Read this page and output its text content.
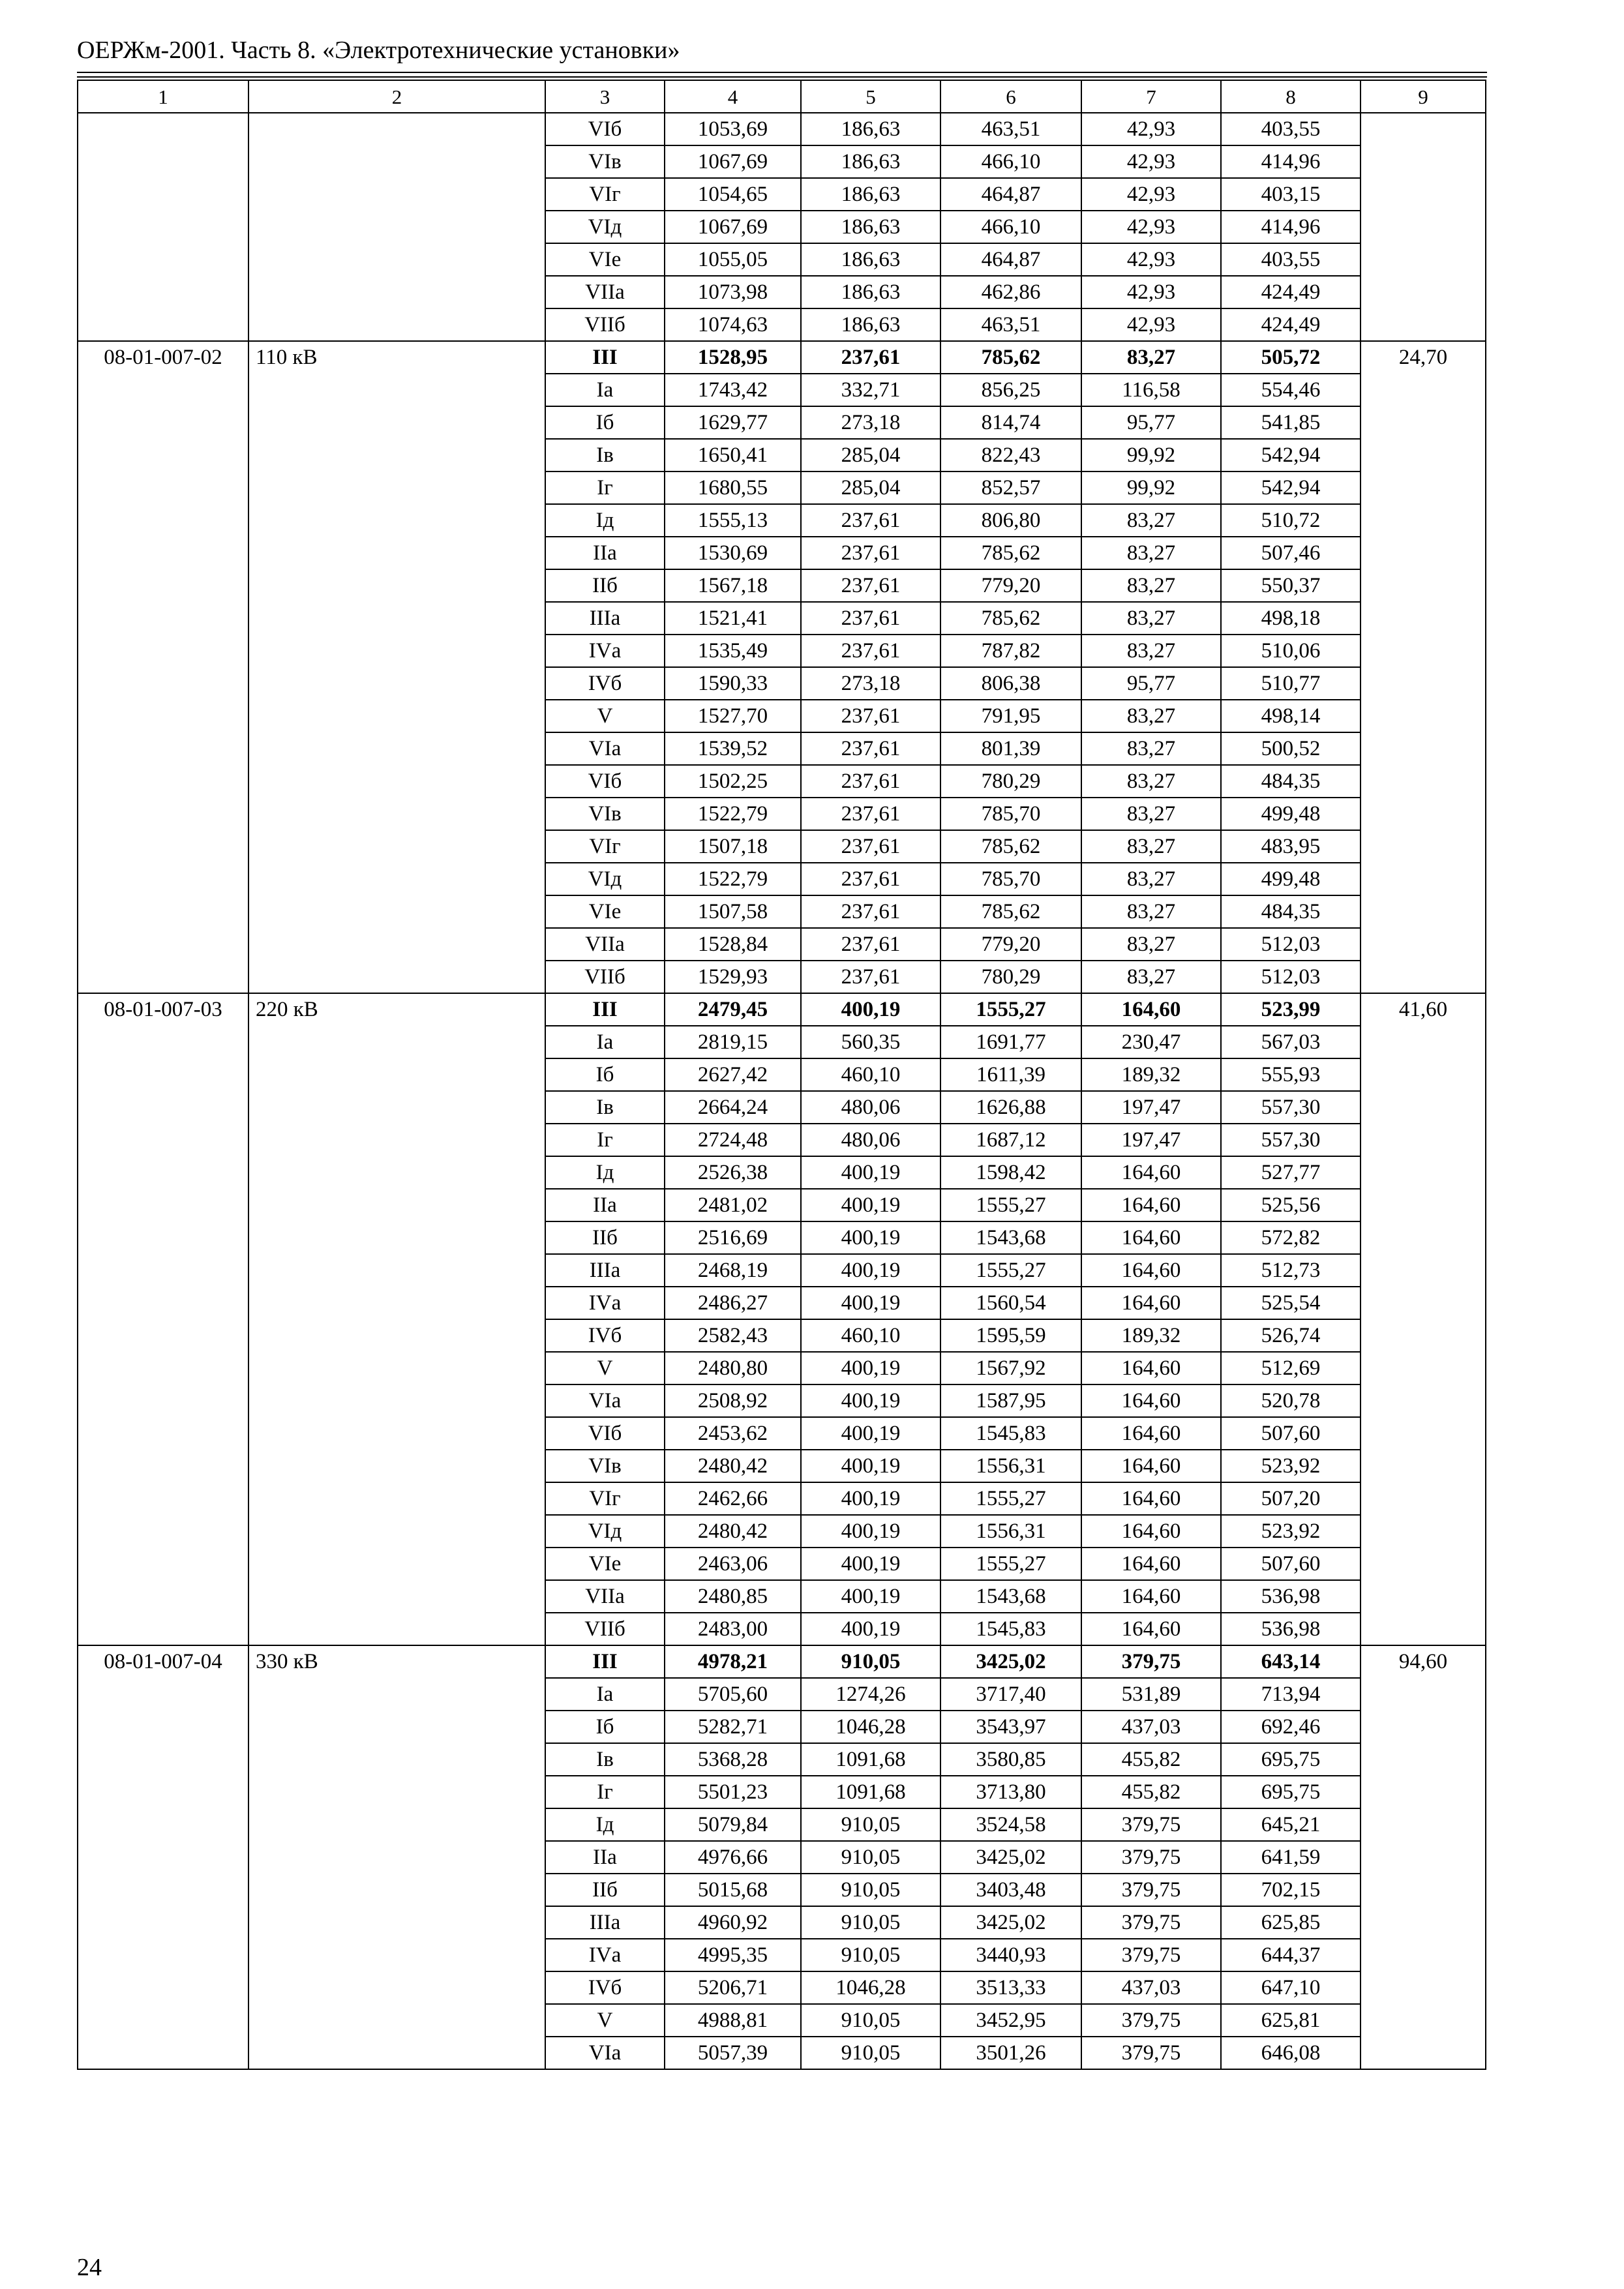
ОЕРЖм-2001. Часть 8. «Электротехнические установки»
1	2	3	4	5	6	7	8	9
		VIб	1053,69	186,63	463,51	42,93	403,55	
		VIв	1067,69	186,63	466,10	42,93	414,96	
		VIг	1054,65	186,63	464,87	42,93	403,15	
		VIд	1067,69	186,63	466,10	42,93	414,96	
		VIе	1055,05	186,63	464,87	42,93	403,55	
		VIIа	1073,98	186,63	462,86	42,93	424,49	
		VIIб	1074,63	186,63	463,51	42,93	424,49	
08-01-007-02	110 кВ	III	1528,95	237,61	785,62	83,27	505,72	24,70
		Iа	1743,42	332,71	856,25	116,58	554,46	
		Iб	1629,77	273,18	814,74	95,77	541,85	
		Iв	1650,41	285,04	822,43	99,92	542,94	
		Iг	1680,55	285,04	852,57	99,92	542,94	
		Iд	1555,13	237,61	806,80	83,27	510,72	
		IIа	1530,69	237,61	785,62	83,27	507,46	
		IIб	1567,18	237,61	779,20	83,27	550,37	
		IIIа	1521,41	237,61	785,62	83,27	498,18	
		IVа	1535,49	237,61	787,82	83,27	510,06	
		IVб	1590,33	273,18	806,38	95,77	510,77	
		V	1527,70	237,61	791,95	83,27	498,14	
		VIа	1539,52	237,61	801,39	83,27	500,52	
		VIб	1502,25	237,61	780,29	83,27	484,35	
		VIв	1522,79	237,61	785,70	83,27	499,48	
		VIг	1507,18	237,61	785,62	83,27	483,95	
		VIд	1522,79	237,61	785,70	83,27	499,48	
		VIе	1507,58	237,61	785,62	83,27	484,35	
		VIIа	1528,84	237,61	779,20	83,27	512,03	
		VIIб	1529,93	237,61	780,29	83,27	512,03	
08-01-007-03	220 кВ	III	2479,45	400,19	1555,27	164,60	523,99	41,60
		Iа	2819,15	560,35	1691,77	230,47	567,03	
		Iб	2627,42	460,10	1611,39	189,32	555,93	
		Iв	2664,24	480,06	1626,88	197,47	557,30	
		Iг	2724,48	480,06	1687,12	197,47	557,30	
		Iд	2526,38	400,19	1598,42	164,60	527,77	
		IIа	2481,02	400,19	1555,27	164,60	525,56	
		IIб	2516,69	400,19	1543,68	164,60	572,82	
		IIIа	2468,19	400,19	1555,27	164,60	512,73	
		IVа	2486,27	400,19	1560,54	164,60	525,54	
		IVб	2582,43	460,10	1595,59	189,32	526,74	
		V	2480,80	400,19	1567,92	164,60	512,69	
		VIа	2508,92	400,19	1587,95	164,60	520,78	
		VIб	2453,62	400,19	1545,83	164,60	507,60	
		VIв	2480,42	400,19	1556,31	164,60	523,92	
		VIг	2462,66	400,19	1555,27	164,60	507,20	
		VIд	2480,42	400,19	1556,31	164,60	523,92	
		VIе	2463,06	400,19	1555,27	164,60	507,60	
		VIIа	2480,85	400,19	1543,68	164,60	536,98	
		VIIб	2483,00	400,19	1545,83	164,60	536,98	
08-01-007-04	330 кВ	III	4978,21	910,05	3425,02	379,75	643,14	94,60
		Iа	5705,60	1274,26	3717,40	531,89	713,94	
		Iб	5282,71	1046,28	3543,97	437,03	692,46	
		Iв	5368,28	1091,68	3580,85	455,82	695,75	
		Iг	5501,23	1091,68	3713,80	455,82	695,75	
		Iд	5079,84	910,05	3524,58	379,75	645,21	
		IIа	4976,66	910,05	3425,02	379,75	641,59	
		IIб	5015,68	910,05	3403,48	379,75	702,15	
		IIIа	4960,92	910,05	3425,02	379,75	625,85	
		IVа	4995,35	910,05	3440,93	379,75	644,37	
		IVб	5206,71	1046,28	3513,33	437,03	647,10	
		V	4988,81	910,05	3452,95	379,75	625,81	
		VIа	5057,39	910,05	3501,26	379,75	646,08	
24
